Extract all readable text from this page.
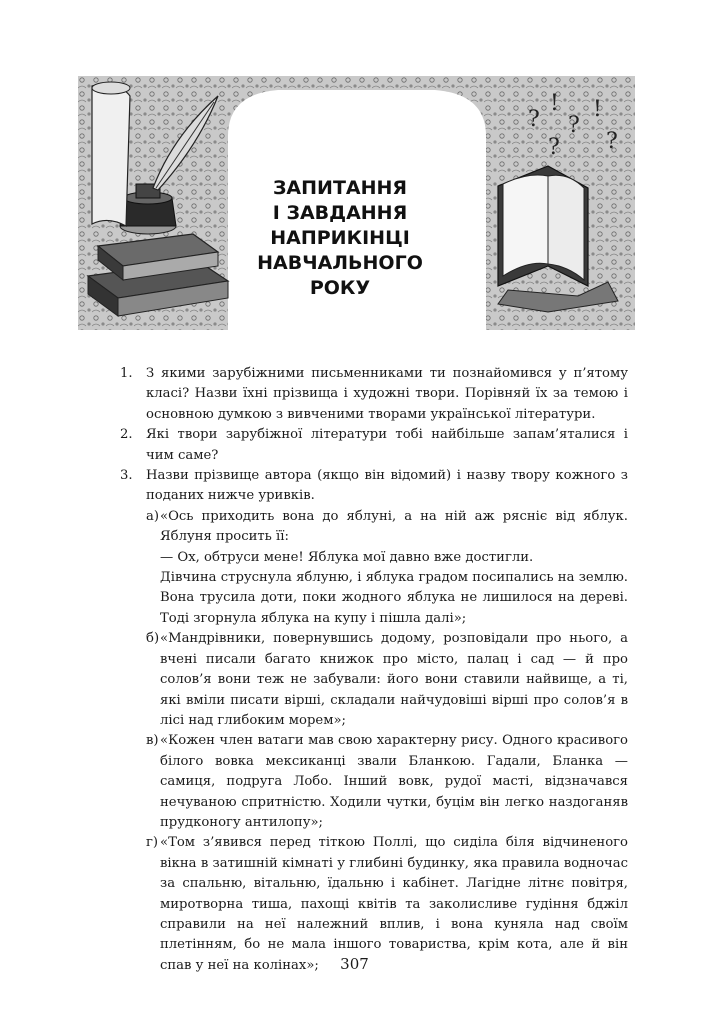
?
!
?
!
? ?
ЗАПИТАННЯ
І ЗАВДАННЯ
НАПРИКІНЦІ
НАВЧАЛЬНОГО
РОКУ

1. З якими зарубіжними письменниками ти познайомився у п’ятому класі? Назви їхні прізвища і художні твори. Порівняй їх за темою і основною думкою з вивченими творами української літератури.

2. Які твори зарубіжної літератури тобі найбільше запам’яталися і чим саме?

3. Назви прізвище автора (якщо він відомий) і назву твору кожного з поданих нижче уривків.

а) «Ось приходить вона до яблуні, а на ній аж рясніє від яблук. Яблуня просить її:

— Ох, обтруси мене! Яблука мої давно вже достигли.

Дівчина струснула яблуню, і яблука градом посипались на землю. Вона трусила доти, поки жодного яблука не лишилося на дереві. Тоді згорнула яблука на купу і пішла далі»;

б) «Мандрівники, повернувшись додому, розповідали про нього, а вчені писали багато книжок про місто, палац і сад — й про солов’я вони теж не забували: його вони ставили найвище, а ті, які вміли писати вірші, складали найчудовіші вірші про солов’я в лісі над глибоким морем»;

в) «Кожен член ватаги мав свою характерну рису. Одного красивого білого вовка мексиканці звали Бланкою. Гадали, Бланка — самиця, подруга Лобо. Інший вовк, рудої масті, відзначався нечуваною спритністю. Ходили чутки, буцім він легко наздоганяв прудконогу антилопу»;

г) «Том з’явився перед тіткою Поллі, що сиділа біля відчиненого вікна в затишній кімнаті у глибині будинку, яка правила водночас за спальню, вітальню, їдальню і кабінет. Лагідне літнє повітря, миротворна тиша, пахощі квітів та заколисливе гудіння бджіл справили на неї належний вплив, і вона куняла над своїм плетінням, бо не мала іншого товариства, крім кота, але й він спав у неї на колінах»;	307
